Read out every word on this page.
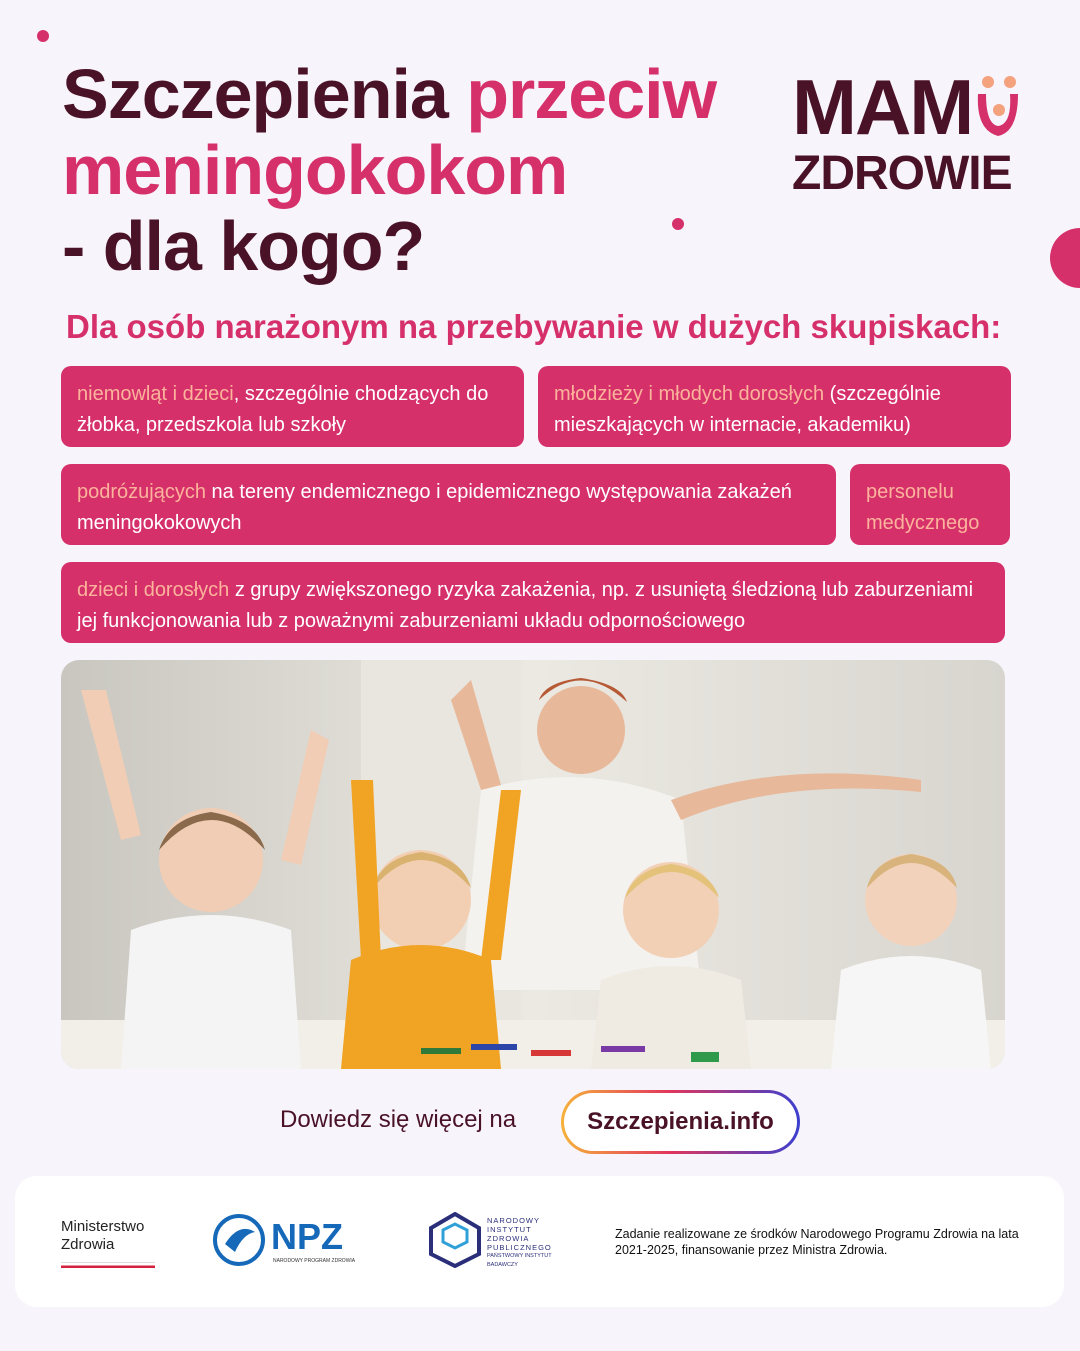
Szczepienia przeciw
meningokokom
- dla kogo?
MAM
ZDROWIE
Dla osób narażonym na przebywanie w dużych skupiskach:
niemowląt i dzieci, szczególnie chodzących do żłobka, przedszkola lub szkoły
młodzieży i młodych dorosłych (szczególnie mieszkających w internacie, akademiku)
podróżujących na tereny endemicznego i epidemicznego występowania zakażeń meningokokowych
personelu medycznego
dzieci i dorosłych z grupy zwiększonego ryzyka zakażenia, np. z usuniętą śledzioną lub zaburzeniami jej funkcjonowania lub z poważnymi zaburzeniami układu odpornościowego
Dowiedz się więcej na	Szczepienia.info
Ministerstwo
Zdrowia	NPZ
NARODOWY PROGRAM ZDROWIA
NARODOWY
INSTYTUT
ZDROWIA
PUBLICZNEGO
PAŃSTWOWY INSTYTUT
BADAWCZY
Zadanie realizowane ze środków Narodowego Programu Zdrowia na lata 2021-2025, finansowanie przez Ministra Zdrowia.
